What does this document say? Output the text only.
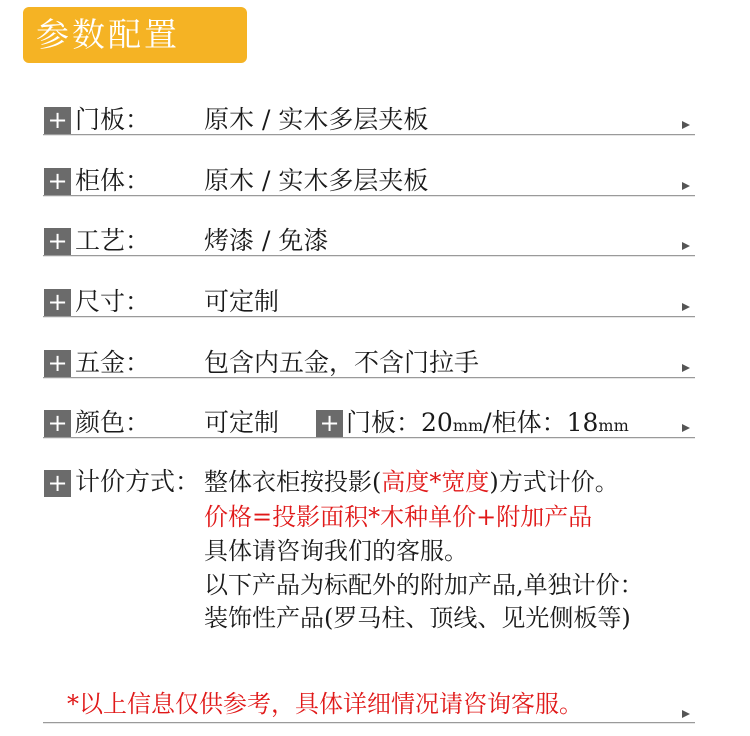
参数配置
+ 门板： 原木 / 实木多层夹板
+ 柜体： 原木 / 实木多层夹板
+ 工艺： 烤漆 / 免漆
+ 尺寸： 可定制
+ 五金： 包含内五金，不含门拉手
+ 颜色： 可定制 + 门板：20mm/柜体：18mm
+ 计价方式： 整体衣柜按投影(高度*宽度)方式计价。
价格=投影面积*木种单价+附加产品
具体请咨询我们的客服。
以下产品为标配外的附加产品,单独计价：
装饰性产品(罗马柱、顶线、见光侧板等)
*以上信息仅供参考，具体详细情况请咨询客服。
